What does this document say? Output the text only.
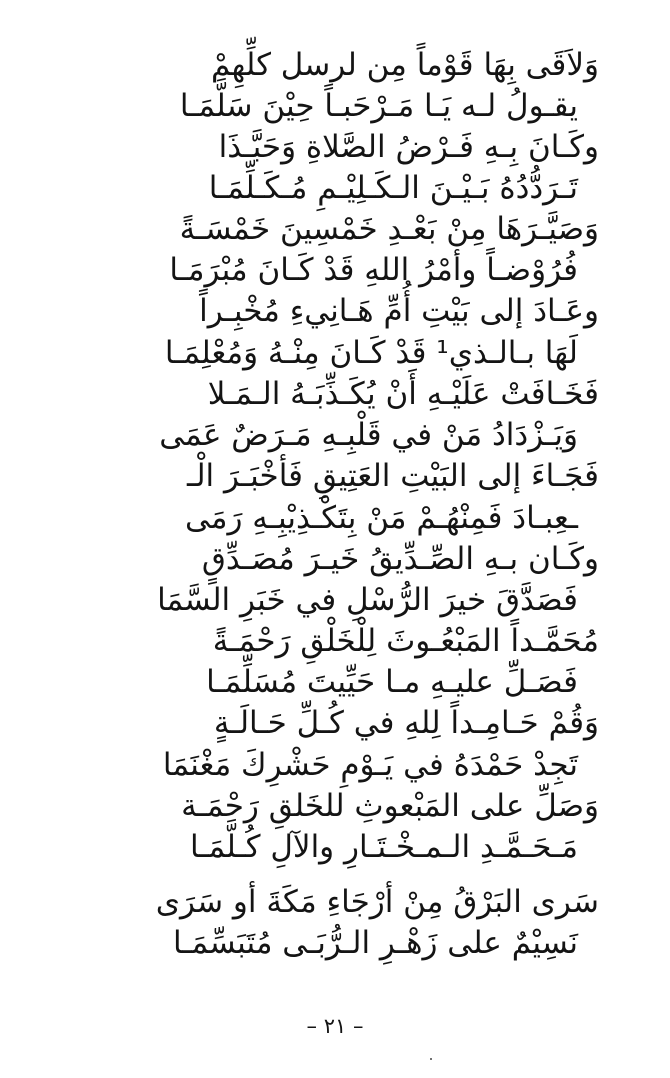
وَلاَقَى بِهَا قَوْماً مِن لرسل كلِّهِمْ
يقـولُ لـه يَـا مَـرْحَبـاً حِيْنَ سَلَّمَـا
وكَـانَ بِـهِ فَـرْضُ الصَّلاةِ وَحَبَّـذَا
تَـرَدُّدُهُ بَـيْـنَ الـكَـلِيْـمِ مُـكَـلِّمَـا
وَصَيَّـرَهَا مِنْ بَعْـدِ خَمْسِينَ خَمْسَـةً
فُرُوْضـاً وأمْرُ اللهِ قَدْ كَـانَ مُبْرَمَـا
وعَـادَ إلى بَيْتِ أُمِّ هَـانِيءِ مُخْبِـراً
لَهَا بـالـذي¹ قَدْ كَـانَ مِنْـهُ وَمُعْلِمَـا
فَخَـافَتْ عَلَيْـهِ أَنْ يُكَـذِّبَـهُ الـمَـلا
وَيَـزْدَادُ مَنْ في قَلْبِـهِ مَـرَضٌ عَمَى
فَجَـاءَ إلى البَيْتِ العَتِيقِ فَأخْبَـرَ الْـ
ـعِبـادَ فَمِنْهُـمْ مَنْ بِتَكْـذِيْبِـهِ رَمَى
وكَـان بـهِ الصِّـدِّيقُ خَيـرَ مُصَـدِّقٍ
فَصَدَّقَ خيرَ الرُّسْلِ في خَبَرِ السَّمَا
مُحَمَّـداً المَبْعُـوثَ لِلْخَلْقِ رَحْمَـةً
فَصَـلِّ عليـهِ مـا حَيِّيتَ مُسَلِّمَـا
وَقُمْ حَـامِـداً لِلهِ في كُـلِّ حَـالَـةٍ
تَجِدْ حَمْدَهُ في يَـوْمِ حَشْرِكَ مَغْنَمَا
وَصَلِّ على المَبْعوثِ للخَلقِ رَحْمَـة
مَـحَـمَّـدِ الـمـخْـتَـارِ والآلِ كُـلَّمَـا
سَرى البَرْقُ مِنْ أرْجَاءِ مَكَةَ أو سَرَى
نَسِيْمٌ على زَهْـرِ الـرُّبَـى مُتَبَسِّمَـا
– ٢١ –
